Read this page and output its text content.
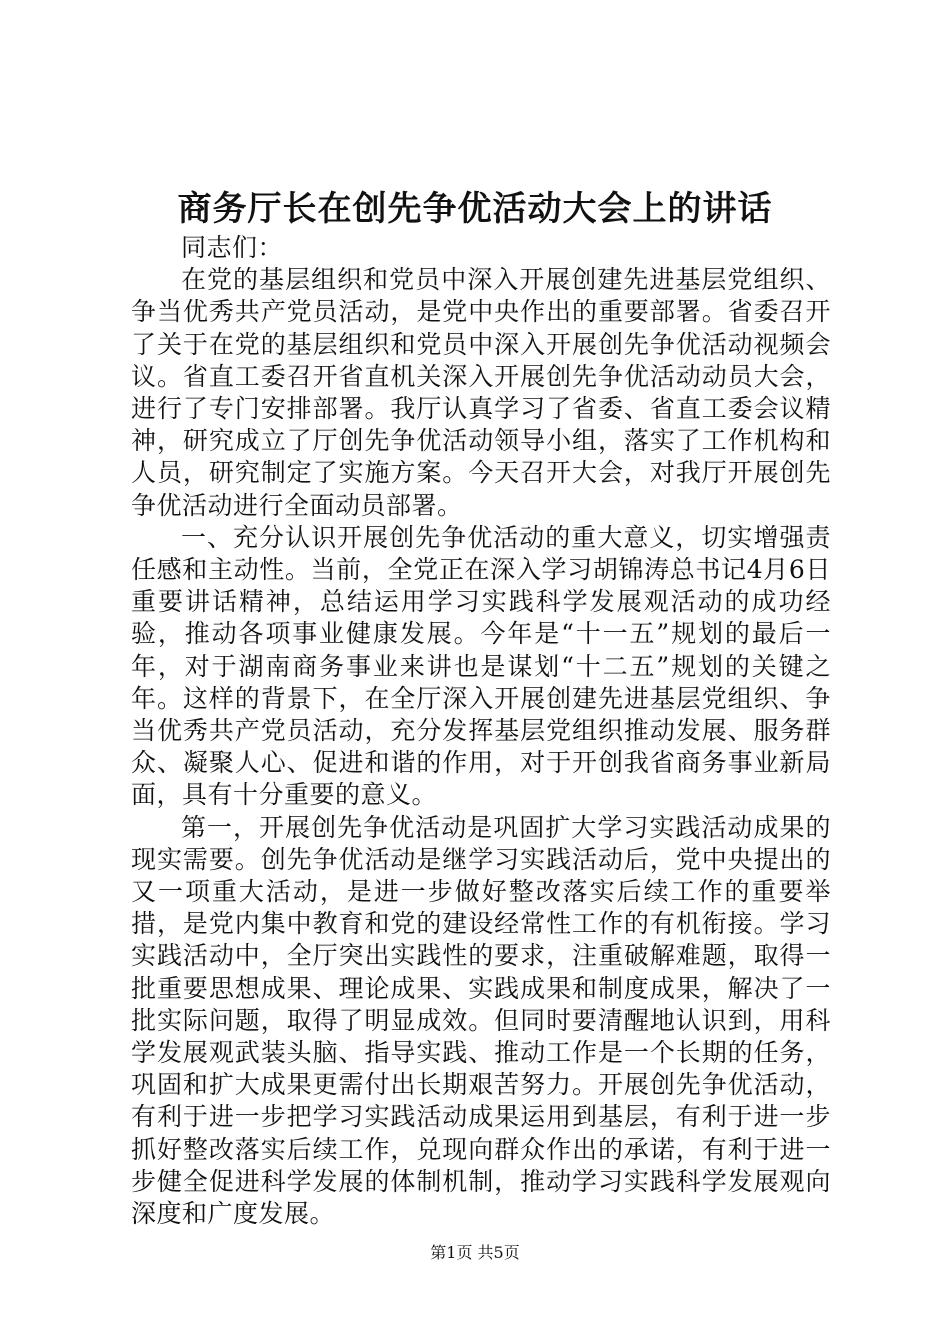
商务厅长在创先争优活动大会上的讲话

同志们：

在党的基层组织和党员中深入开展创建先进基层党组织、争当优秀共产党员活动，是党中央作出的重要部署。省委召开了关于在党的基层组织和党员中深入开展创先争优活动视频会议。省直工委召开省直机关深入开展创先争优活动动员大会，进行了专门安排部署。我厅认真学习了省委、省直工委会议精神，研究成立了厅创先争优活动领导小组，落实了工作机构和人员，研究制定了实施方案。今天召开大会，对我厅开展创先争优活动进行全面动员部署。

一、充分认识开展创先争优活动的重大意义，切实增强责任感和主动性。当前，全党正在深入学习胡锦涛总书记4月6日重要讲话精神，总结运用学习实践科学发展观活动的成功经验，推动各项事业健康发展。今年是“十一五”规划的最后一年，对于湖南商务事业来讲也是谋划“十二五”规划的关键之年。这样的背景下，在全厅深入开展创建先进基层党组织、争当优秀共产党员活动，充分发挥基层党组织推动发展、服务群众、凝聚人心、促进和谐的作用，对于开创我省商务事业新局面，具有十分重要的意义。

第一，开展创先争优活动是巩固扩大学习实践活动成果的现实需要。创先争优活动是继学习实践活动后，党中央提出的又一项重大活动，是进一步做好整改落实后续工作的重要举措，是党内集中教育和党的建设经常性工作的有机衔接。学习实践活动中，全厅突出实践性的要求，注重破解难题，取得一批重要思想成果、理论成果、实践成果和制度成果，解决了一批实际问题，取得了明显成效。但同时要清醒地认识到，用科学发展观武装头脑、指导实践、推动工作是一个长期的任务，巩固和扩大成果更需付出长期艰苦努力。开展创先争优活动，有利于进一步把学习实践活动成果运用到基层，有利于进一步抓好整改落实后续工作，兑现向群众作出的承诺，有利于进一步健全促进科学发展的体制机制，推动学习实践科学发展观向深度和广度发展。

第1页 共5页
